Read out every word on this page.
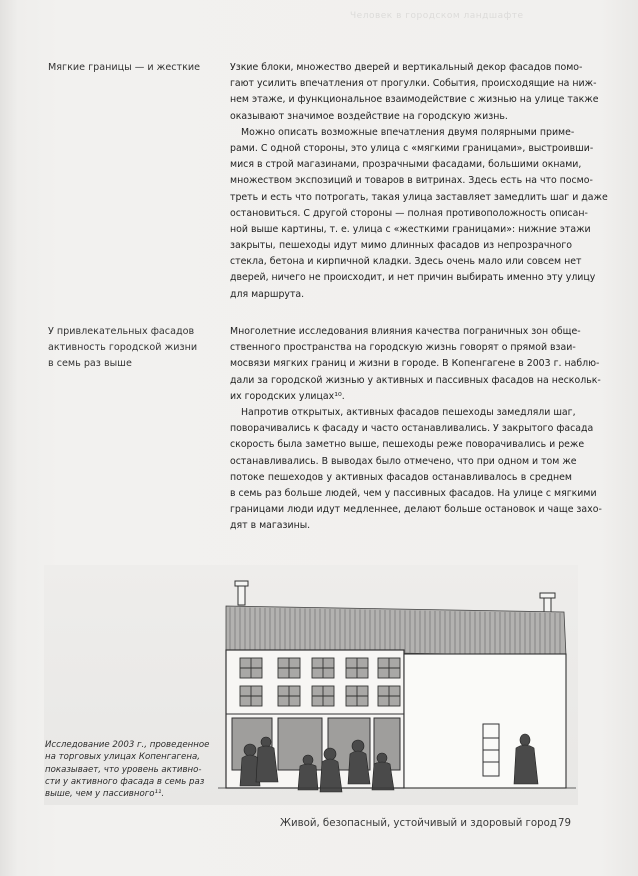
Человек в городском ландшафте
Мягкие границы — и жесткие	Узкие блоки, множество дверей и вертикальный декор фасадов помо-
гают усилить впечатления от прогулки. События, происходящие на ниж-
нем этаже, и функциональное взаимодействие с жизнью на улице также
оказывают значимое воздействие на городскую жизнь.
Можно описать возможные впечатления двумя полярными приме-
рами. С одной стороны, это улица с «мягкими границами», выстроивши-
мися в строй магазинами, прозрачными фасадами, большими окнами,
множеством экспозиций и товаров в витринах. Здесь есть на что посмо-
треть и есть что потрогать, такая улица заставляет замедлить шаг и даже
остановиться. С другой стороны — полная противоположность описан-
ной выше картины, т. е. улица с «жесткими границами»: нижние этажи
закрыты, пешеходы идут мимо длинных фасадов из непрозрачного
стекла, бетона и кирпичной кладки. Здесь очень мало или совсем нет
дверей, ничего не происходит, и нет причин выбирать именно эту улицу
для маршрута.
У привлекательных фасадов
активность городской жизни
в семь раз выше
Многолетние исследования влияния качества пограничных зон обще-
ственного пространства на городскую жизнь говорят о прямой взаи-
мосвязи мягких границ и жизни в городе. В Копенгагене в 2003 г. наблю-
дали за городской жизнью у активных и пассивных фасадов на нескольк-
их городских улицах¹⁰.
Напротив открытых, активных фасадов пешеходы замедляли шаг,
поворачивались к фасаду и часто останавливались. У закрытого фасада
скорость была заметно выше, пешеходы реже поворачивались и реже
останавливались. В выводах было отмечено, что при одном и том же
потоке пешеходов у активных фасадов останавливалось в среднем
в семь раз больше людей, чем у пассивных фасадов. На улице с мягкими
границами люди идут медленнее, делают больше остановок и чаще захо-
дят в магазины.
Исследование 2003 г., проведенное
на торговых улицах Копенгагена,
показывает, что уровень активно-
сти у активного фасада в семь раз
выше, чем у пассивного¹¹.
Живой, безопасный, устойчивый и здоровый город 79
